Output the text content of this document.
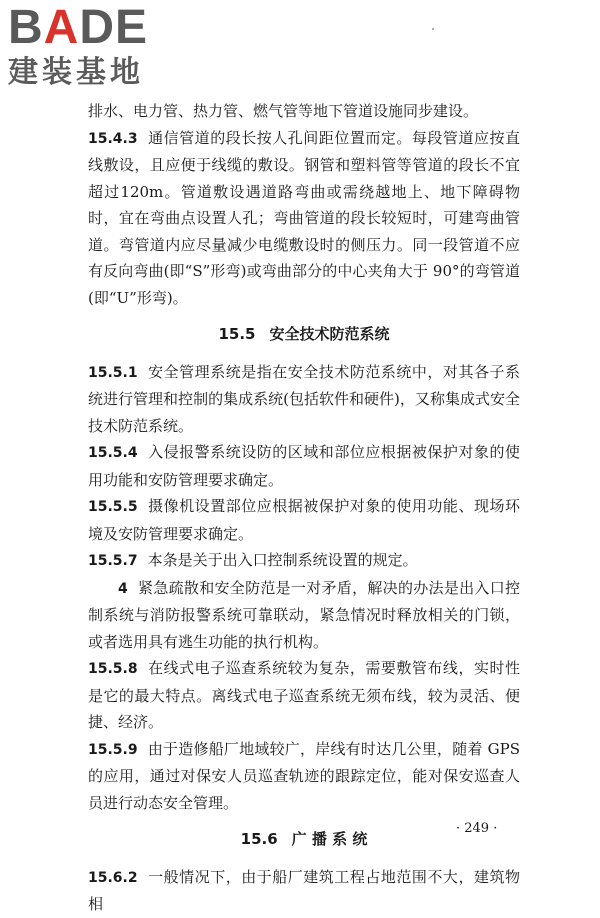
BADE
建装基地
排水、电力管、热力管、燃气管等地下管道设施同步建设。
15.4.3 通信管道的段长按人孔间距位置而定。每段管道应按直线敷设，且应便于线缆的敷设。钢管和塑料管等管道的段长不宜超过120m。管道敷设遇道路弯曲或需绕越地上、地下障碍物时，宜在弯曲点设置人孔；弯曲管道的段长较短时，可建弯曲管道。弯管道内应尽量减少电缆敷设时的侧压力。同一段管道不应有反向弯曲(即“S”形弯)或弯曲部分的中心夹角大于 90°的弯管道(即“U”形弯)。
15.5 安全技术防范系统
15.5.1 安全管理系统是指在安全技术防范系统中，对其各子系统进行管理和控制的集成系统(包括软件和硬件)，又称集成式安全技术防范系统。
15.5.4 入侵报警系统设防的区域和部位应根据被保护对象的使用功能和安防管理要求确定。
15.5.5 摄像机设置部位应根据被保护对象的使用功能、现场环境及安防管理要求确定。
15.5.7 本条是关于出入口控制系统设置的规定。
4 紧急疏散和安全防范是一对矛盾，解决的办法是出入口控制系统与消防报警系统可靠联动，紧急情况时释放相关的门锁，或者选用具有逃生功能的执行机构。
15.5.8 在线式电子巡查系统较为复杂，需要敷管布线，实时性是它的最大特点。离线式电子巡查系统无须布线，较为灵活、便捷、经济。
15.5.9 由于造修船厂地域较广，岸线有时达几公里，随着 GPS 的应用，通过对保安人员巡查轨迹的跟踪定位，能对保安巡查人员进行动态安全管理。
15.6 广 播 系 统
15.6.2 一般情况下，由于船厂建筑工程占地范围不大，建筑物相
· 249 ·
